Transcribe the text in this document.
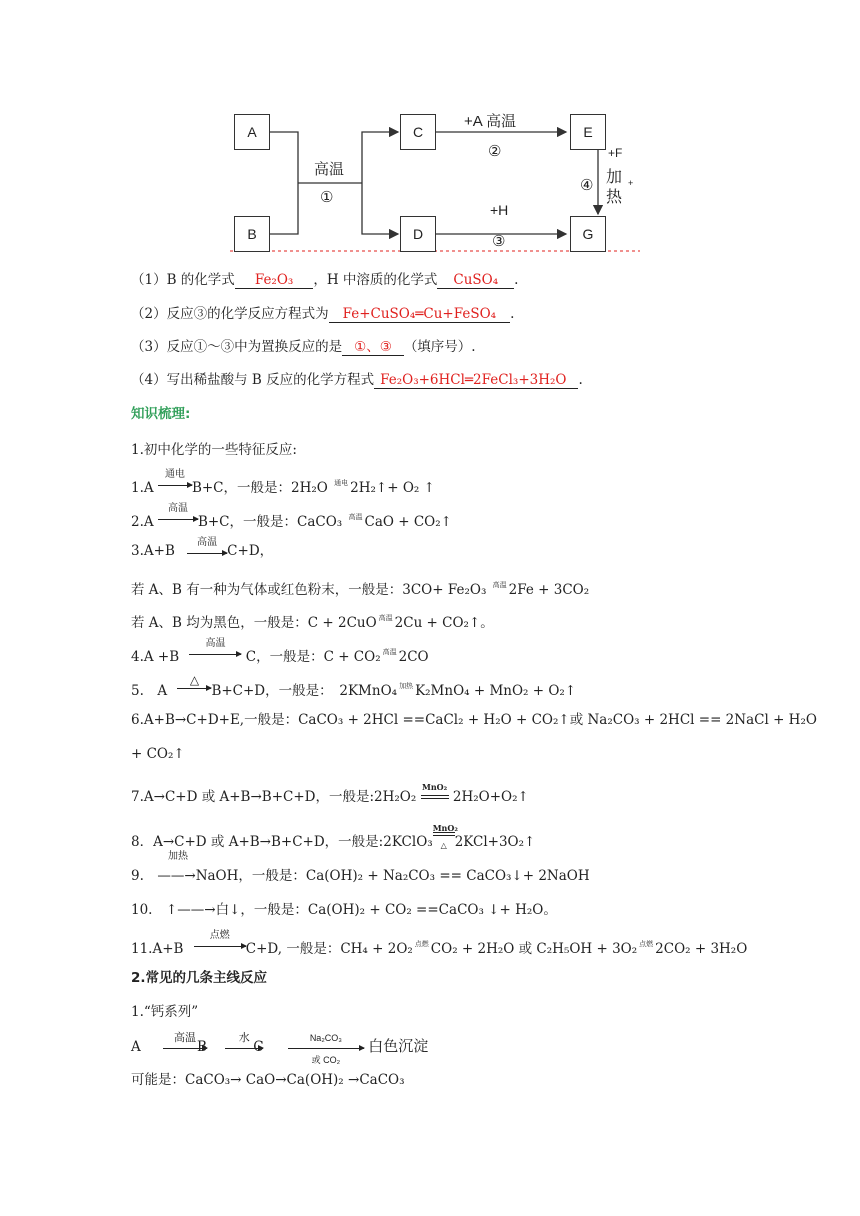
A
B
C
D
E
G
高温
①
+A 高温
②
+H
③
④
+F
加
热
+
（1）B 的化学式 Fe₂O₃ ，H 中溶质的化学式 CuSO₄ .
（2）反应③的化学反应方程式为 Fe+CuSO₄═Cu+FeSO₄ .
（3）反应①～③中为置换反应的是 ①、③ （填序号）.
（4）写出稀盐酸与 B 反应的化学方程式 Fe₂O₃+6HCl═2FeCl₃+3H₂O .
知识梳理:
1.初中化学的一些特征反应:
1.A
通电
B+C，一般是：2H₂O $^{通电}$ 2H₂↑+ O₂ ↑
2.A
高温
B+C，一般是：CaCO₃ $^{高温}$ CaO + CO₂↑
3.A+B
高温
C+D，
若 A、B 有一种为气体或红色粉末，一般是：3CO+ Fe₂O₃ $^{高温}$ 2Fe + 3CO₂
若 A、B 均为黑色，一般是：C + 2CuO $^{高温}$ 2Cu + CO₂↑。
4.A +B
高温
C，一般是：C + CO₂ $^{高温}$ 2CO
5.　A
△
B+C+D，一般是：　2KMnO₄ $^{加热}$ K₂MnO₄ + MnO₂ + O₂↑
6.A+B→C+D+E,一般是：CaCO₃ + 2HCl ==CaCl₂ + H₂O + CO₂↑或 Na₂CO₃ + 2HCl == 2NaCl + H₂O
+ CO₂↑
7.A→C+D 或 A+B→B+C+D，一般是:2H₂O₂
MnO₂
2H₂O+O₂↑
8．A→C+D 或 A+B→B+C+D，一般是:2KClO₃
MnO₂
△ 2KCl+3O₂↑
加热
9.　——→NaOH，一般是：Ca(OH)₂ + Na₂CO₃ == CaCO₃↓+ 2NaOH
10.　↑——→白↓，一般是：Ca(OH)₂ + CO₂ ==CaCO₃ ↓+ H₂O。
11.A+B
点燃
C+D, 一般是：CH₄ + 2O₂ $^{点燃}$ CO₂ + 2H₂O 或 C₂H₅OH + 3O₂ $^{点燃}$ 2CO₂ + 3H₂O
2.常见的几条主线反应
1.“钙系列”
A
高温
B
水
C
Na₂CO₃
或 CO₂
白色沉淀
可能是：CaCO₃→ CaO→Ca(OH)₂ →CaCO₃
